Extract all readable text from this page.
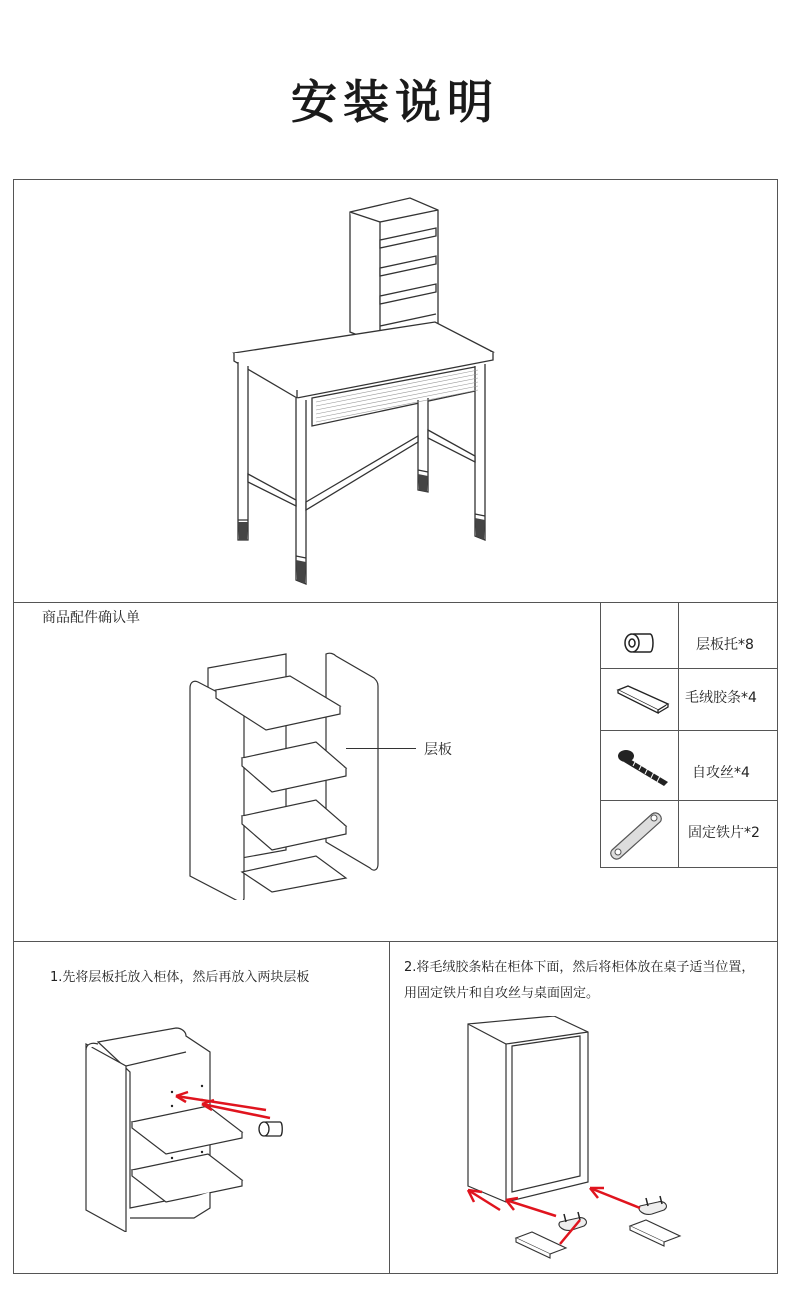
安装说明
商品配件确认单
层板
层板托*8
毛绒胶条*4
自攻丝*4
固定铁片*2
1.先将层板托放入柜体，然后再放入两块层板
2.将毛绒胶条粘在柜体下面，然后将柜体放在桌子适当位置，用固定铁片和自攻丝与桌面固定。
